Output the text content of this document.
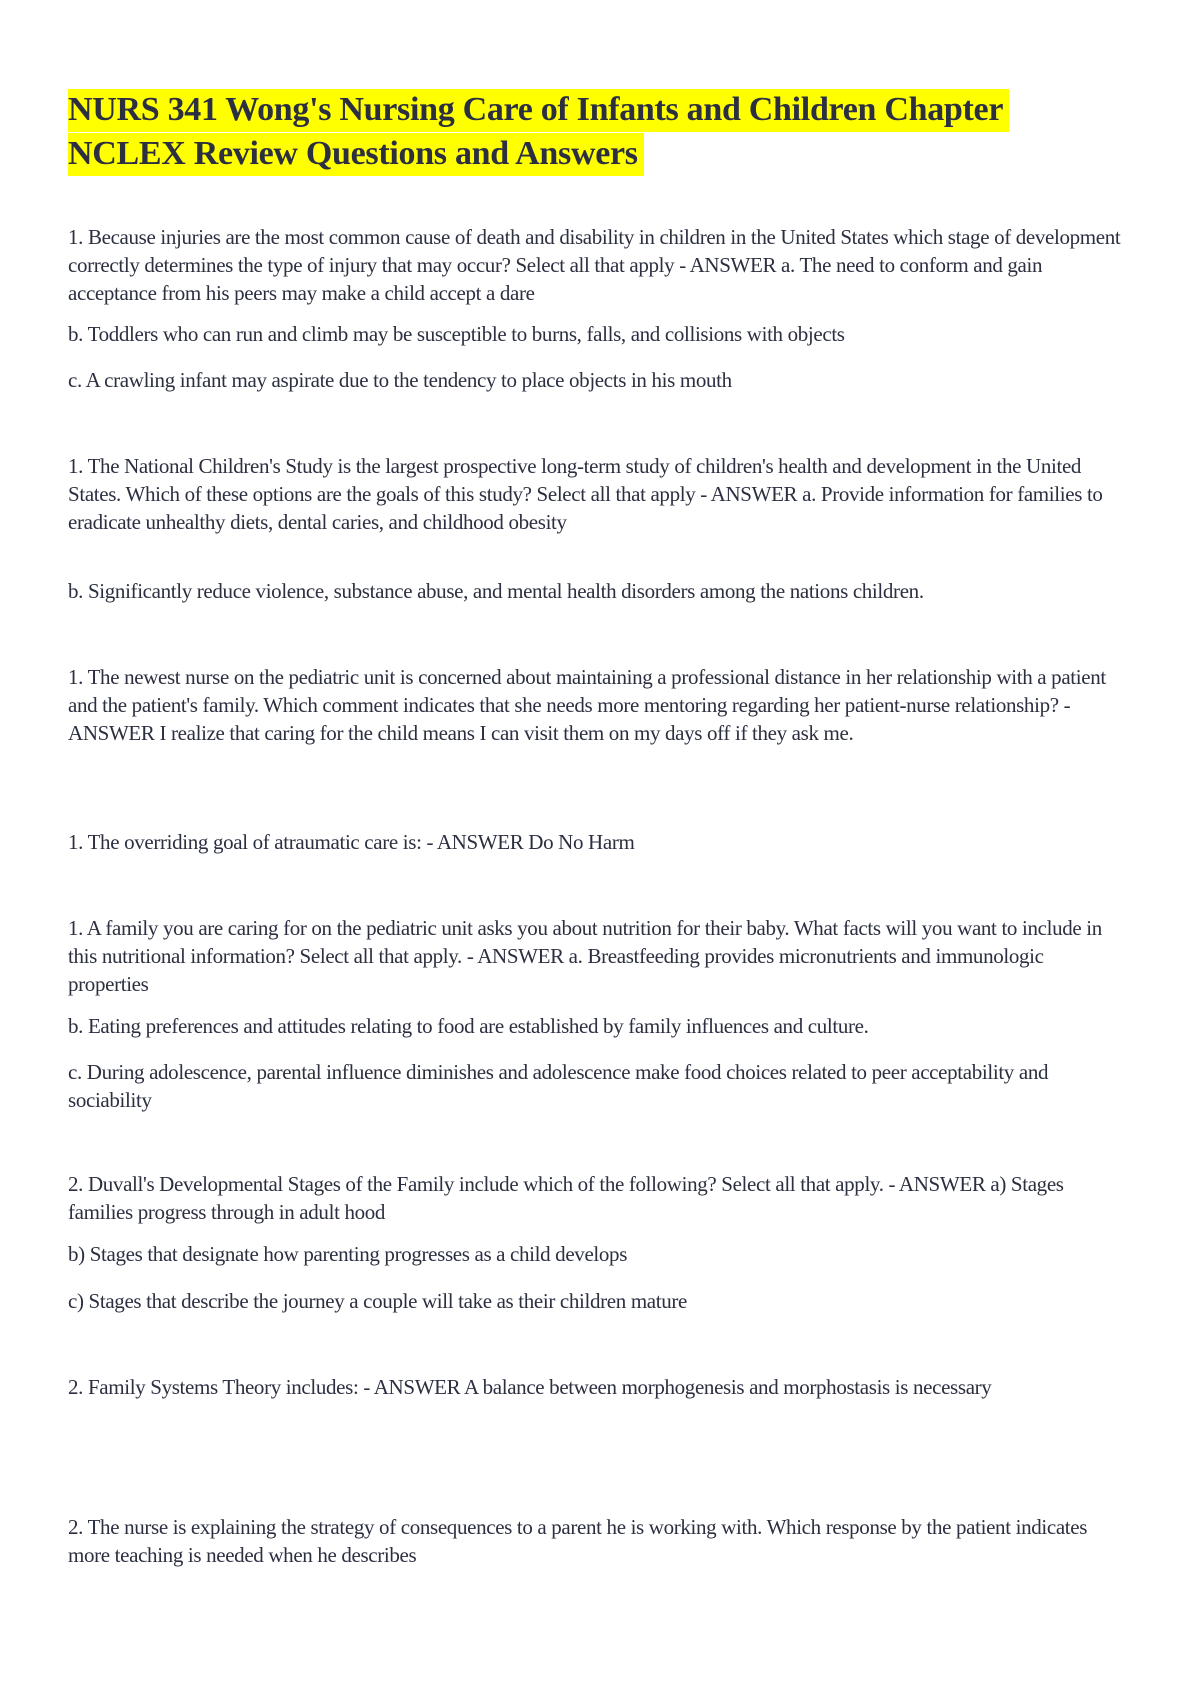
NURS 341 Wong's Nursing Care of Infants and Children Chapter
NCLEX Review Questions and Answers

1. Because injuries are the most common cause of death and disability in children in the United States which stage of development correctly determines the type of injury that may occur? Select all that apply - ANSWER a. The need to conform and gain acceptance from his peers may make a child accept a dare

b. Toddlers who can run and climb may be susceptible to burns, falls, and collisions with objects

c. A crawling infant may aspirate due to the tendency to place objects in his mouth

1. The National Children's Study is the largest prospective long-term study of children's health and development in the United States. Which of these options are the goals of this study? Select all that apply - ANSWER a. Provide information for families to eradicate unhealthy diets, dental caries, and childhood obesity

b. Significantly reduce violence, substance abuse, and mental health disorders among the nations children.

1. The newest nurse on the pediatric unit is concerned about maintaining a professional distance in her relationship with a patient and the patient's family. Which comment indicates that she needs more mentoring regarding her patient-nurse relationship? - ANSWER I realize that caring for the child means I can visit them on my days off if they ask me.

1. The overriding goal of atraumatic care is: - ANSWER Do No Harm

1. A family you are caring for on the pediatric unit asks you about nutrition for their baby. What facts will you want to include in this nutritional information? Select all that apply. - ANSWER a. Breastfeeding provides micronutrients and immunologic properties

b. Eating preferences and attitudes relating to food are established by family influences and culture.

c. During adolescence, parental influence diminishes and adolescence make food choices related to peer acceptability and sociability

2. Duvall's Developmental Stages of the Family include which of the following? Select all that apply. - ANSWER a) Stages families progress through in adult hood

b) Stages that designate how parenting progresses as a child develops

c) Stages that describe the journey a couple will take as their children mature

2. Family Systems Theory includes: - ANSWER A balance between morphogenesis and morphostasis is necessary

2. The nurse is explaining the strategy of consequences to a parent he is working with. Which response by the patient indicates more teaching is needed when he describes
